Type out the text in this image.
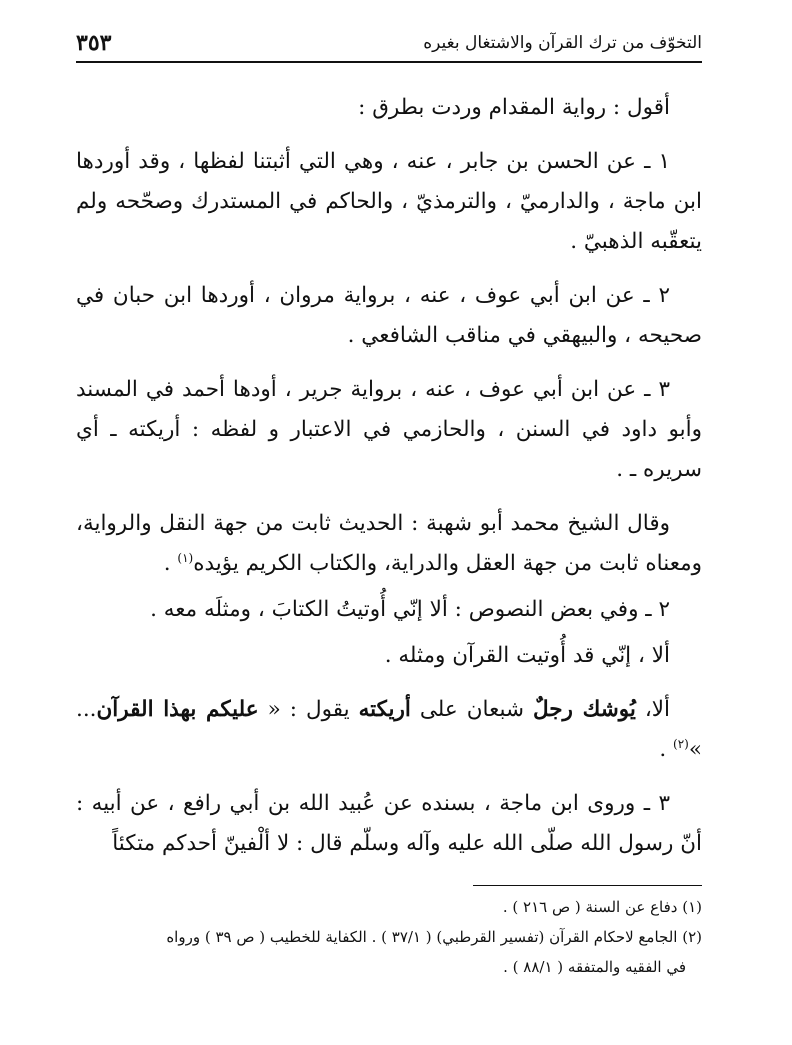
التخوّف من ترك القرآن والاشتغال بغيره
٣٥٣

أقول : رواية المقدام وردت بطرق :

١ ـ عن الحسن بن جابر ، عنه ، وهي التي أثبتنا لفظها ، وقد أوردها ابن ماجة ، والدارميّ ، والترمذيّ ، والحاكم في المستدرك وصحّحه ولم يتعقّبه الذهبيّ .

٢ ـ عن ابن أبي عوف ، عنه ، برواية مروان ، أوردها ابن حبان في صحيحه ، والبيهقي في مناقب الشافعي .

٣ ـ عن ابن أبي عوف ، عنه ، برواية جرير ، أودها أحمد في المسند وأبو داود في السنن ، والحازمي في الاعتبار و لفظه : أريكته ـ أي سريره ـ .

وقال الشيخ محمد أبو شهبة : الحديث ثابت من جهة النقل والرواية، ومعناه ثابت من جهة العقل والدراية، والكتاب الكريم يؤيده$^{(١)}$ .

٢ ـ وفي بعض النصوص : ألا إنّي أُوتيتُ الكتابَ ، ومثلَه معه .

ألا ، إنّي قد أُوتيت القرآن ومثله .

ألا، يُوشك رجلٌ شبعان على أريكته يقول : « عليكم بهذا القرآن... »$^{(٢)}$ .

٣ ـ وروى ابن ماجة ، بسنده عن عُبيد الله بن أبي رافع ، عن أبيه : أنّ رسول الله صلّى الله عليه وآله وسلّم قال : لا ألْفينّ أحدكم متكئاً

(١) دفاع عن السنة ( ص ٢١٦ ) .

(٢) الجامع لاحكام القرآن (تفسير القرطبي) ( ٣٧/١ ) . الكفاية للخطيب ( ص ٣٩ ) ورواه

في الفقيه والمتفقه ( ٨٨/١ ) .
